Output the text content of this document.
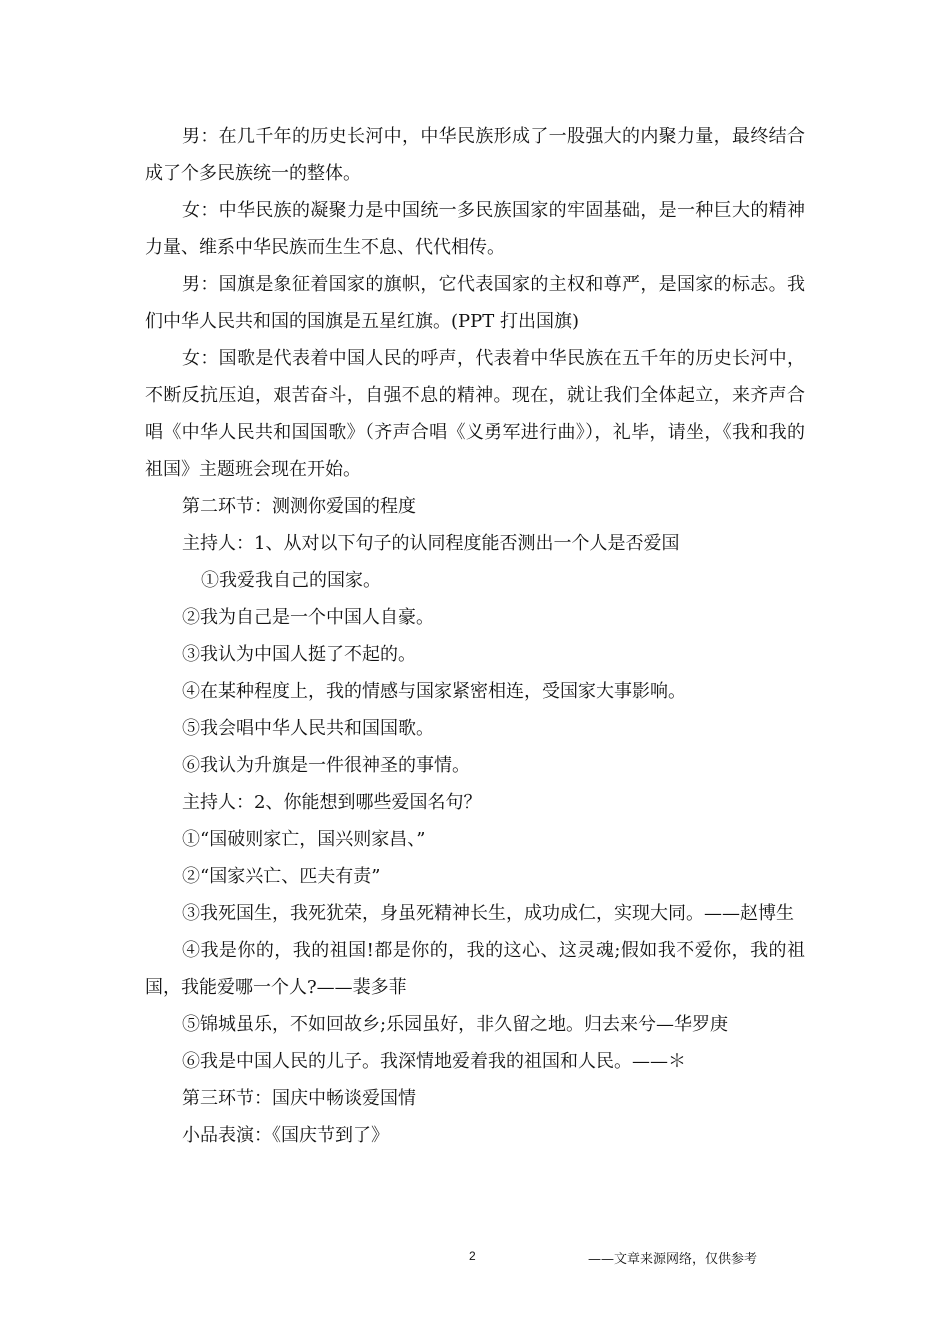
男：在几千年的历史长河中，中华民族形成了一股强大的内聚力量，最终结合成了个多民族统一的整体。

女：中华民族的凝聚力是中国统一多民族国家的牢固基础，是一种巨大的精神力量、维系中华民族而生生不息、代代相传。

男：国旗是象征着国家的旗帜，它代表国家的主权和尊严，是国家的标志。我们中华人民共和国的国旗是五星红旗。(PPT 打出国旗)

女：国歌是代表着中国人民的呼声，代表着中华民族在五千年的历史长河中，不断反抗压迫，艰苦奋斗，自强不息的精神。现在，就让我们全体起立，来齐声合唱《中华人民共和国国歌》（齐声合唱《义勇军进行曲》），礼毕，请坐，《我和我的祖国》主题班会现在开始。

第二环节：测测你爱国的程度

主持人：1、从对以下句子的认同程度能否测出一个人是否爱国

①我爱我自己的国家。

②我为自己是一个中国人自豪。

③我认为中国人挺了不起的。

④在某种程度上，我的情感与国家紧密相连，受国家大事影响。

⑤我会唱中华人民共和国国歌。

⑥我认为升旗是一件很神圣的事情。

主持人：2、你能想到哪些爱国名句？

①“国破则家亡，国兴则家昌、”

②“国家兴亡、匹夫有责”

③我死国生，我死犹荣，身虽死精神长生，成功成仁，实现大同。——赵博生

④我是你的，我的祖国!都是你的，我的这心、这灵魂;假如我不爱你，我的祖国，我能爱哪一个人?——裴多菲

⑤锦城虽乐，不如回故乡;乐园虽好，非久留之地。归去来兮—华罗庚

⑥我是中国人民的儿子。我深情地爱着我的祖国和人民。——＊

第三环节：国庆中畅谈爱国情

小品表演：《国庆节到了》

2	——文章来源网络，仅供参考
